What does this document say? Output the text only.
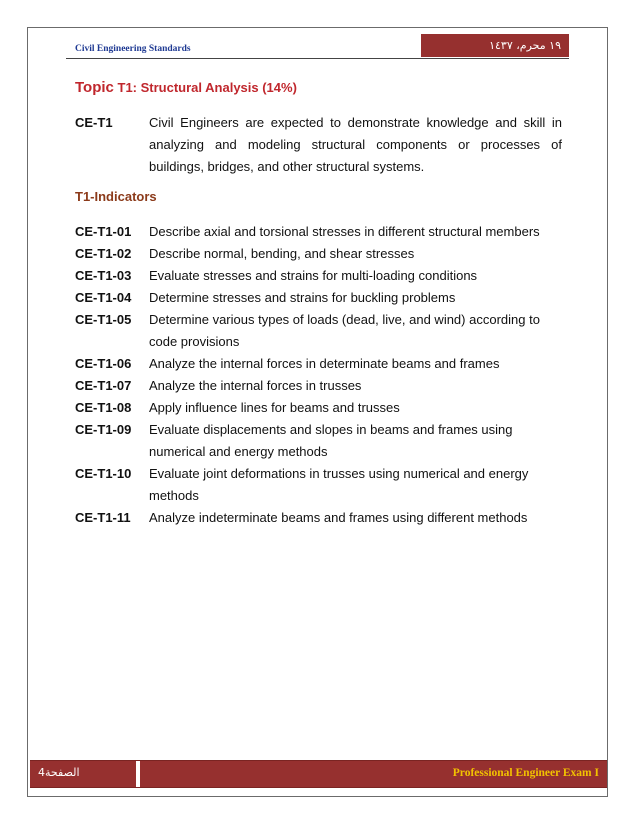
Civil Engineering Standards	١٩ محرم، ١٤٣٧
Topic T1: Structural Analysis (14%)
CE-T1	Civil Engineers are expected to demonstrate knowledge and skill in analyzing and modeling structural components or processes of buildings, bridges, and other structural systems.
T1-Indicators
CE-T1-01	Describe axial and torsional stresses in different structural members
CE-T1-02	Describe normal, bending, and shear stresses
CE-T1-03	Evaluate stresses and strains for multi-loading conditions
CE-T1-04	Determine stresses and strains for buckling problems
CE-T1-05	Determine various types of loads (dead, live, and wind) according to code provisions
CE-T1-06	Analyze the internal forces in determinate beams and frames
CE-T1-07	Analyze the internal forces in trusses
CE-T1-08	Apply influence lines for beams and trusses
CE-T1-09	Evaluate displacements and slopes in beams and frames using numerical and energy methods
CE-T1-10	Evaluate joint deformations in trusses using numerical and energy methods
CE-T1-11	Analyze indeterminate beams and frames using different methods
الصفحة4	Professional Engineer Exam I
